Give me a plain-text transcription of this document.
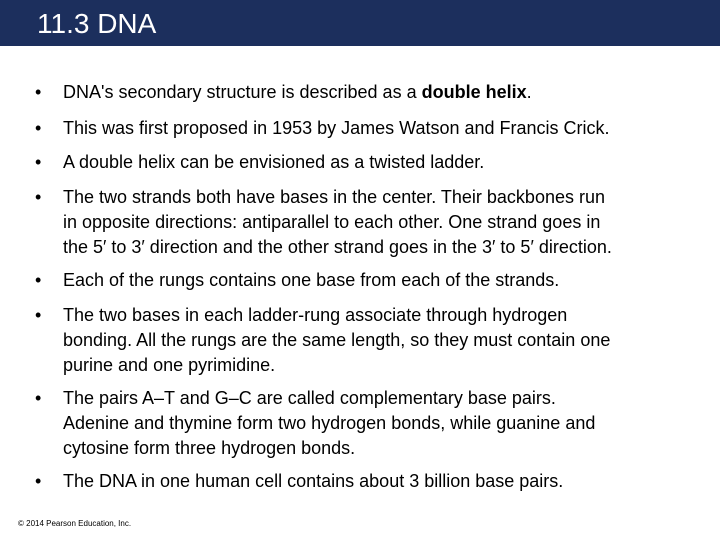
11.3 DNA
• DNA's secondary structure is described as a double helix.
• This was first proposed in 1953 by James Watson and Francis Crick.
• A double helix can be envisioned as a twisted ladder.
• The two strands both have bases in the center. Their backbones run
in opposite directions: antiparallel to each other. One strand goes in
the 5′ to 3′ direction and the other strand goes in the 3′ to 5′ direction.
• Each of the rungs contains one base from each of the strands.
• The two bases in each ladder-rung associate through hydrogen
bonding. All the rungs are the same length, so they must contain one
purine and one pyrimidine.
• The pairs A–T and G–C are called complementary base pairs.
Adenine and thymine form two hydrogen bonds, while guanine and
cytosine form three hydrogen bonds.
• The DNA in one human cell contains about 3 billion base pairs.
© 2014 Pearson Education, Inc.
